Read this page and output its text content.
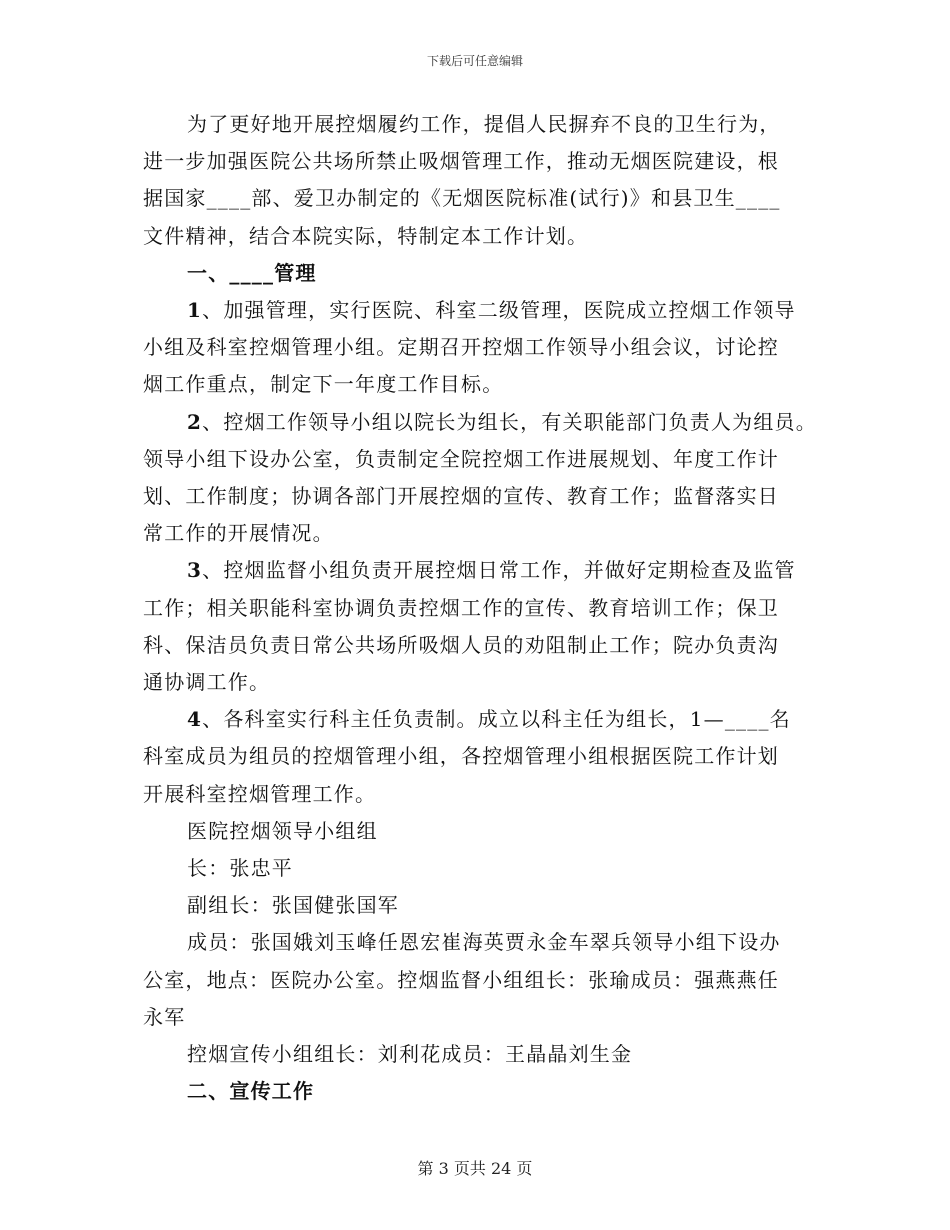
下载后可任意编辑

为了更好地开展控烟履约工作，提倡人民摒弃不良的卫生行为，

进一步加强医院公共场所禁止吸烟管理工作，推动无烟医院建设，根

据国家____部、爱卫办制定的《无烟医院标准(试行)》和县卫生____

文件精神，结合本院实际，特制定本工作计划。

一、____管理

1、加强管理，实行医院、科室二级管理，医院成立控烟工作领导

小组及科室控烟管理小组。定期召开控烟工作领导小组会议，讨论控

烟工作重点，制定下一年度工作目标。

2、控烟工作领导小组以院长为组长，有关职能部门负责人为组员。

领导小组下设办公室，负责制定全院控烟工作进展规划、年度工作计

划、工作制度；协调各部门开展控烟的宣传、教育工作；监督落实日

常工作的开展情况。

3、控烟监督小组负责开展控烟日常工作，并做好定期检查及监管

工作；相关职能科室协调负责控烟工作的宣传、教育培训工作；保卫

科、保洁员负责日常公共场所吸烟人员的劝阻制止工作；院办负责沟

通协调工作。

4、各科室实行科主任负责制。成立以科主任为组长，1—____名

科室成员为组员的控烟管理小组，各控烟管理小组根据医院工作计划

开展科室控烟管理工作。

医院控烟领导小组组

长：张忠平

副组长：张国健张国军

成员：张国娥刘玉峰任恩宏崔海英贾永金车翠兵领导小组下设办

公室，地点：医院办公室。控烟监督小组组长：张瑜成员：强燕燕任

永军

控烟宣传小组组长：刘利花成员：王晶晶刘生金

二、宣传工作

第 3 页共 24 页
